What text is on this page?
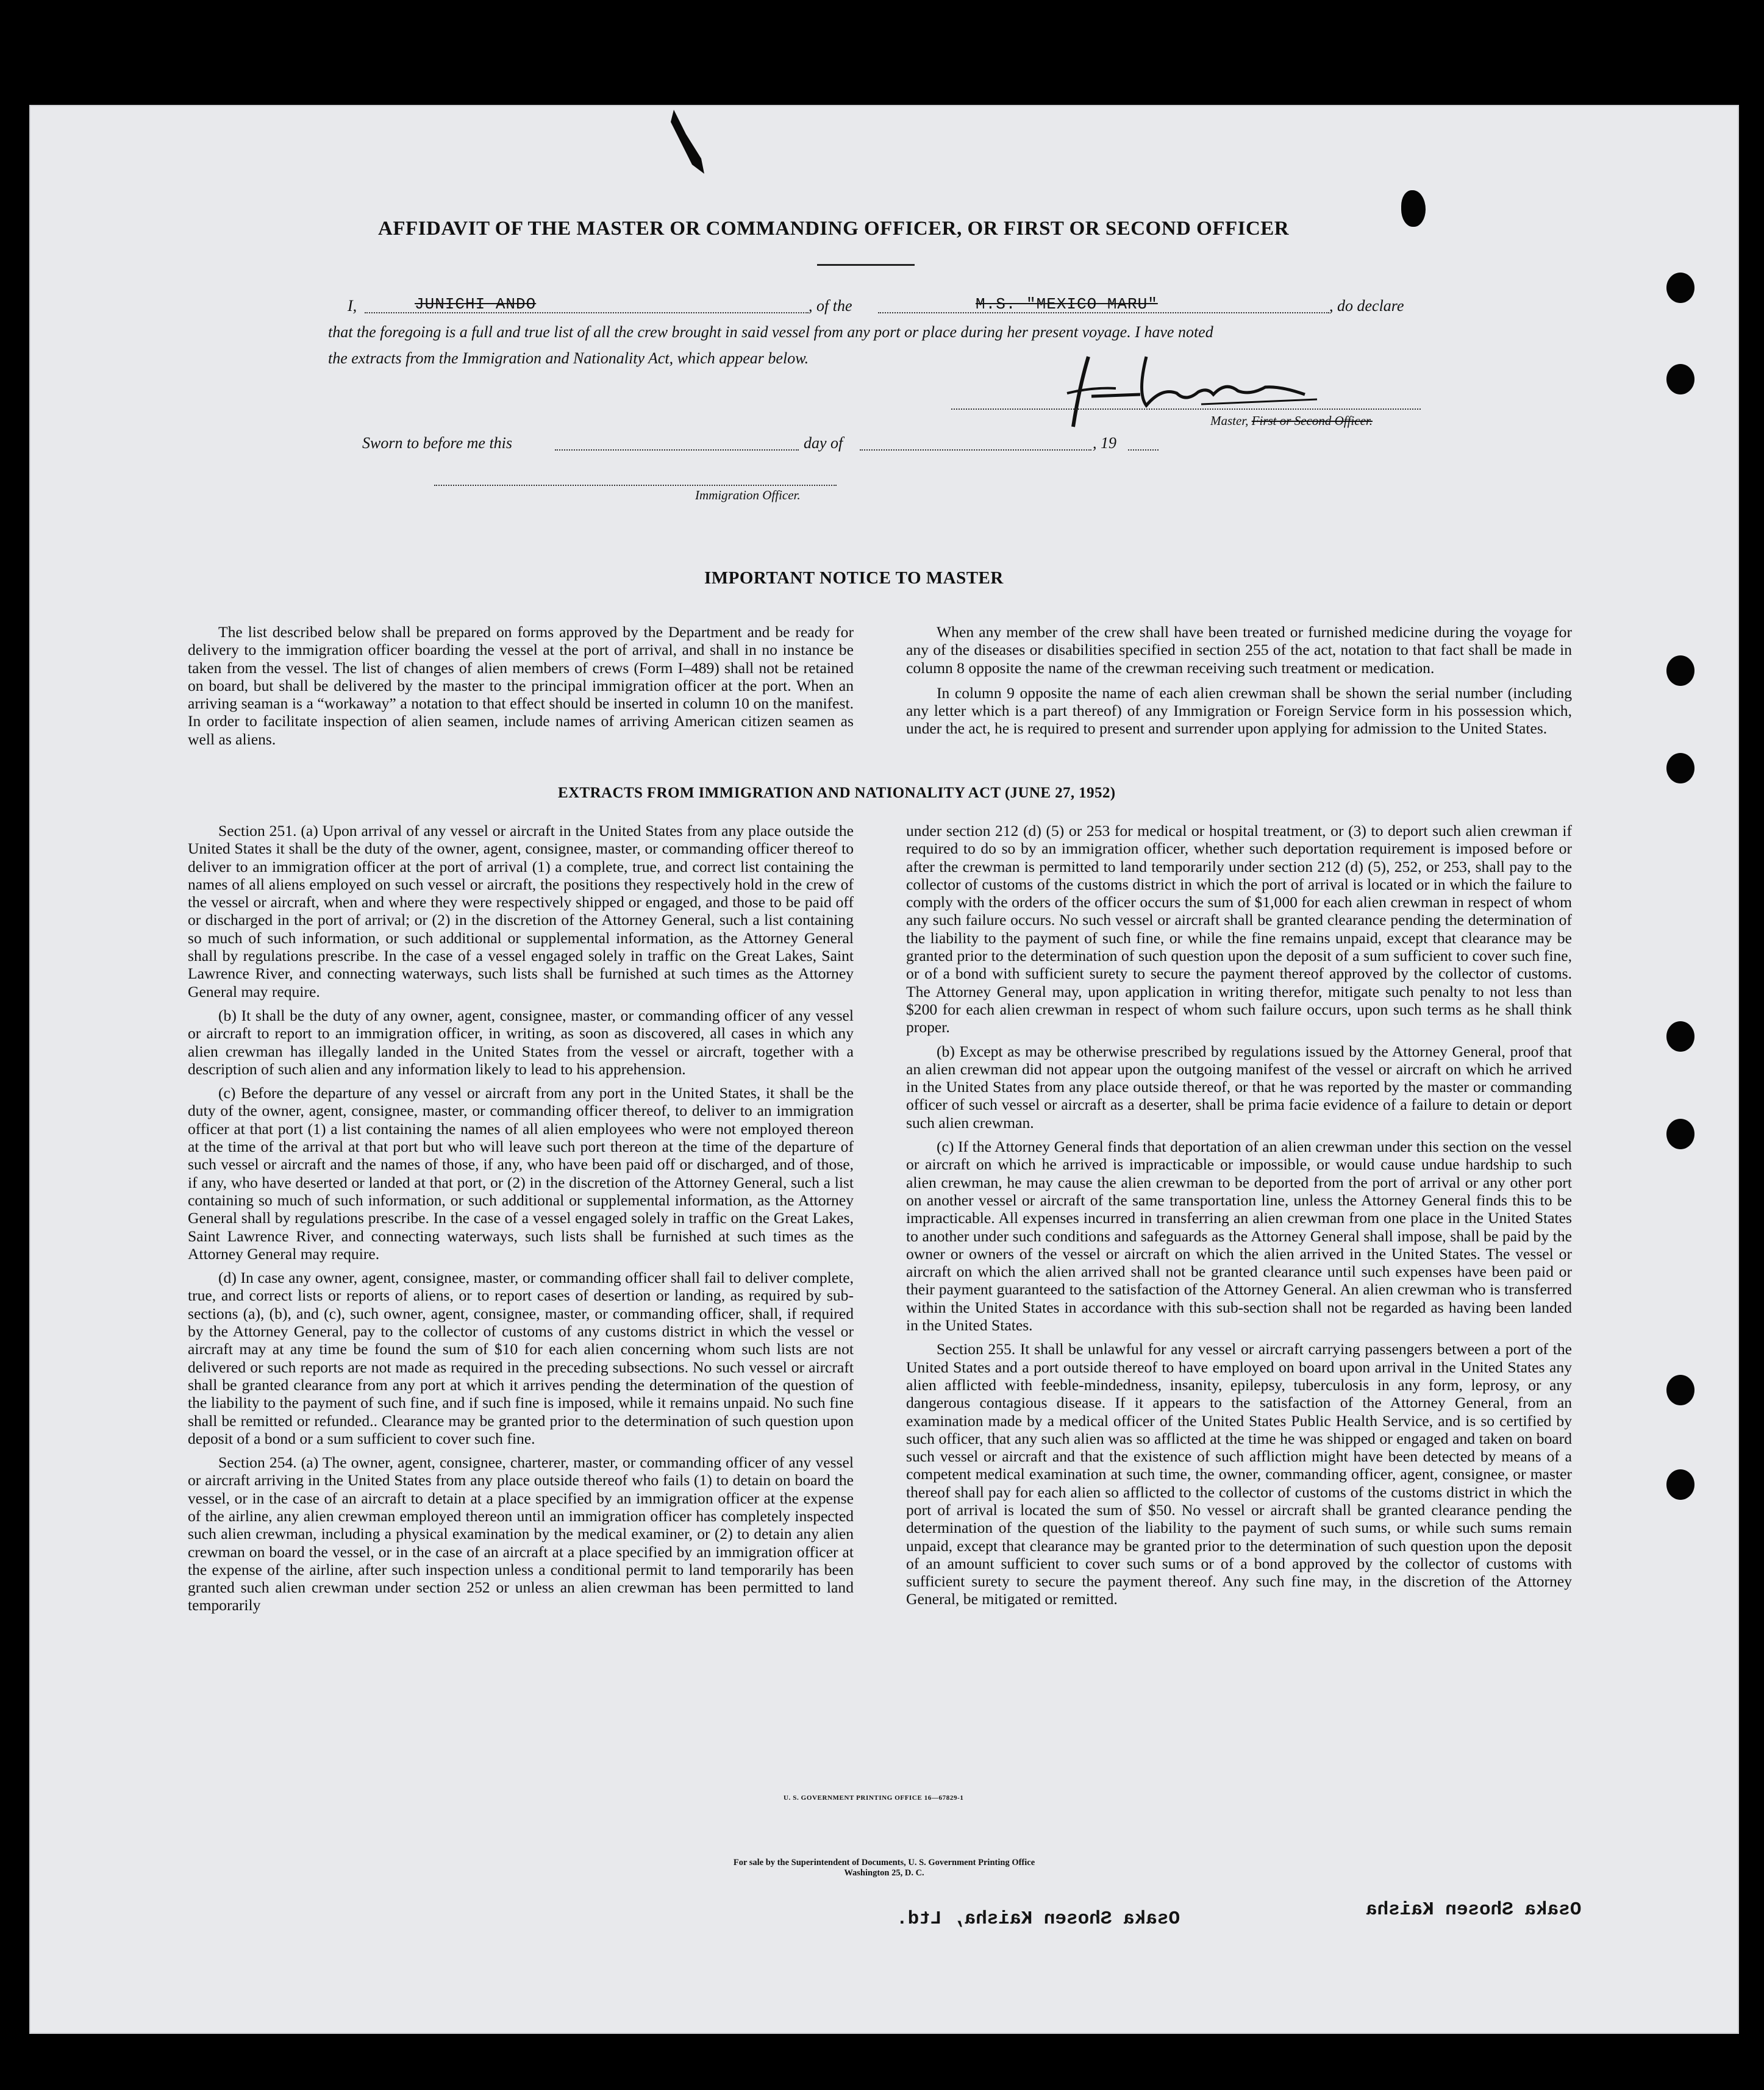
AFFIDAVIT OF THE MASTER OR COMMANDING OFFICER, OR FIRST OR SECOND OFFICER
I,	JUNICHI ANDO	, of the	M.S. "MEXICO MARU"	, do declare
that the foregoing is a full and true list of all the crew brought in said vessel from any port or place during her present voyage. I have noted
the extracts from the Immigration and Nationality Act, which appear below.
Master, First or Second Officer.
Sworn to before me this	day of	, 19
Immigration Officer.
IMPORTANT NOTICE TO MASTER

The list described below shall be prepared on forms approved by the Department and be ready for delivery to the immigration officer boarding the vessel at the port of arrival, and shall in no instance be taken from the vessel. The list of changes of alien members of crews (Form I–489) shall not be retained on board, but shall be delivered by the master to the principal immigration officer at the port. When an arriving seaman is a “workaway” a notation to that effect should be inserted in column 10 on the manifest. In order to facilitate inspection of alien seamen, include names of arriving American citizen seamen as well as aliens.

When any member of the crew shall have been treated or furnished medicine during the voyage for any of the diseases or disabilities specified in section 255 of the act, notation to that fact shall be made in column 8 opposite the name of the crewman receiving such treatment or medication.

In column 9 opposite the name of each alien crewman shall be shown the serial number (including any letter which is a part thereof) of any Immigration or Foreign Service form in his possession which, under the act, he is required to present and surrender upon applying for admission to the United States.

EXTRACTS FROM IMMIGRATION AND NATIONALITY ACT (JUNE 27, 1952)

Section 251. (a) Upon arrival of any vessel or aircraft in the United States from any place outside the United States it shall be the duty of the owner, agent, consignee, master, or commanding officer thereof to deliver to an immigration officer at the port of arrival (1) a complete, true, and correct list containing the names of all aliens employed on such vessel or aircraft, the positions they respectively hold in the crew of the vessel or aircraft, when and where they were respectively shipped or engaged, and those to be paid off or discharged in the port of arrival; or (2) in the discretion of the Attorney General, such a list containing so much of such information, or such additional or supplemental information, as the Attorney General shall by regulations prescribe. In the case of a vessel engaged solely in traffic on the Great Lakes, Saint Lawrence River, and connecting waterways, such lists shall be furnished at such times as the Attorney General may require.

(b) It shall be the duty of any owner, agent, consignee, master, or commanding officer of any vessel or aircraft to report to an immigration officer, in writing, as soon as discovered, all cases in which any alien crewman has illegally landed in the United States from the vessel or aircraft, together with a description of such alien and any information likely to lead to his apprehension.

(c) Before the departure of any vessel or aircraft from any port in the United States, it shall be the duty of the owner, agent, consignee, master, or commanding officer thereof, to deliver to an immigration officer at that port (1) a list containing the names of all alien employees who were not employed thereon at the time of the arrival at that port but who will leave such port thereon at the time of the departure of such vessel or aircraft and the names of those, if any, who have been paid off or discharged, and of those, if any, who have deserted or landed at that port, or (2) in the discretion of the Attorney General, such a list containing so much of such information, or such additional or supplemental information, as the Attorney General shall by regulations prescribe. In the case of a vessel engaged solely in traffic on the Great Lakes, Saint Lawrence River, and connecting waterways, such lists shall be furnished at such times as the Attorney General may require.

(d) In case any owner, agent, consignee, master, or commanding officer shall fail to deliver complete, true, and correct lists or reports of aliens, or to report cases of desertion or landing, as required by sub-sections (a), (b), and (c), such owner, agent, consignee, master, or commanding officer, shall, if required by the Attorney General, pay to the collector of customs of any customs district in which the vessel or aircraft may at any time be found the sum of $10 for each alien concerning whom such lists are not delivered or such reports are not made as required in the preceding subsections. No such vessel or aircraft shall be granted clearance from any port at which it arrives pending the determination of the question of the liability to the payment of such fine, and if such fine is imposed, while it remains unpaid. No such fine shall be remitted or refunded.. Clearance may be granted prior to the determination of such question upon deposit of a bond or a sum sufficient to cover such fine.

Section 254. (a) The owner, agent, consignee, charterer, master, or commanding officer of any vessel or aircraft arriving in the United States from any place outside thereof who fails (1) to detain on board the vessel, or in the case of an aircraft to detain at a place specified by an immigration officer at the expense of the airline, any alien crewman employed thereon until an immigration officer has completely inspected such alien crewman, including a physical examination by the medical examiner, or (2) to detain any alien crewman on board the vessel, or in the case of an aircraft at a place specified by an immigration officer at the expense of the airline, after such inspection unless a conditional permit to land temporarily has been granted such alien crewman under section 252 or unless an alien crewman has been permitted to land temporarily

under section 212 (d) (5) or 253 for medical or hospital treatment, or (3) to deport such alien crewman if required to do so by an immigration officer, whether such deportation requirement is imposed before or after the crewman is permitted to land temporarily under section 212 (d) (5), 252, or 253, shall pay to the collector of customs of the customs district in which the port of arrival is located or in which the failure to comply with the orders of the officer occurs the sum of $1,000 for each alien crewman in respect of whom any such failure occurs. No such vessel or aircraft shall be granted clearance pending the determination of the liability to the payment of such fine, or while the fine remains unpaid, except that clearance may be granted prior to the determination of such question upon the deposit of a sum sufficient to cover such fine, or of a bond with sufficient surety to secure the payment thereof approved by the collector of customs. The Attorney General may, upon application in writing therefor, mitigate such penalty to not less than $200 for each alien crewman in respect of whom such failure occurs, upon such terms as he shall think proper.

(b) Except as may be otherwise prescribed by regulations issued by the Attorney General, proof that an alien crewman did not appear upon the outgoing manifest of the vessel or aircraft on which he arrived in the United States from any place outside thereof, or that he was reported by the master or commanding officer of such vessel or aircraft as a deserter, shall be prima facie evidence of a failure to detain or deport such alien crewman.

(c) If the Attorney General finds that deportation of an alien crewman under this section on the vessel or aircraft on which he arrived is impracticable or impossible, or would cause undue hardship to such alien crewman, he may cause the alien crewman to be deported from the port of arrival or any other port on another vessel or aircraft of the same transportation line, unless the Attorney General finds this to be impracticable. All expenses incurred in transferring an alien crewman from one place in the United States to another under such conditions and safeguards as the Attorney General shall impose, shall be paid by the owner or owners of the vessel or aircraft on which the alien arrived in the United States. The vessel or aircraft on which the alien arrived shall not be granted clearance until such expenses have been paid or their payment guaranteed to the satisfaction of the Attorney General. An alien crewman who is transferred within the United States in accordance with this sub-section shall not be regarded as having been landed in the United States.

Section 255. It shall be unlawful for any vessel or aircraft carrying passengers between a port of the United States and a port outside thereof to have employed on board upon arrival in the United States any alien afflicted with feeble-mindedness, insanity, epilepsy, tuberculosis in any form, leprosy, or any dangerous contagious disease. If it appears to the satisfaction of the Attorney General, from an examination made by a medical officer of the United States Public Health Service, and is so certified by such officer, that any such alien was so afflicted at the time he was shipped or engaged and taken on board such vessel or aircraft and that the existence of such affliction might have been detected by means of a competent medical examination at such time, the owner, commanding officer, agent, consignee, or master thereof shall pay for each alien so afflicted to the collector of customs of the customs district in which the port of arrival is located the sum of $50. No vessel or aircraft shall be granted clearance pending the determination of the question of the liability to the payment of such sums, or while such sums remain unpaid, except that clearance may be granted prior to the determination of such question upon the deposit of an amount sufficient to cover such sums or of a bond approved by the collector of customs with sufficient surety to secure the payment thereof. Any such fine may, in the discretion of the Attorney General, be mitigated or remitted.

U. S. GOVERNMENT PRINTING OFFICE 16—67829-1
For sale by the Superintendent of Documents, U. S. Government Printing Office
Washington 25, D. C.
Osaka Shosen Kaisha, Ltd.	Osaka Shosen Kaisha
